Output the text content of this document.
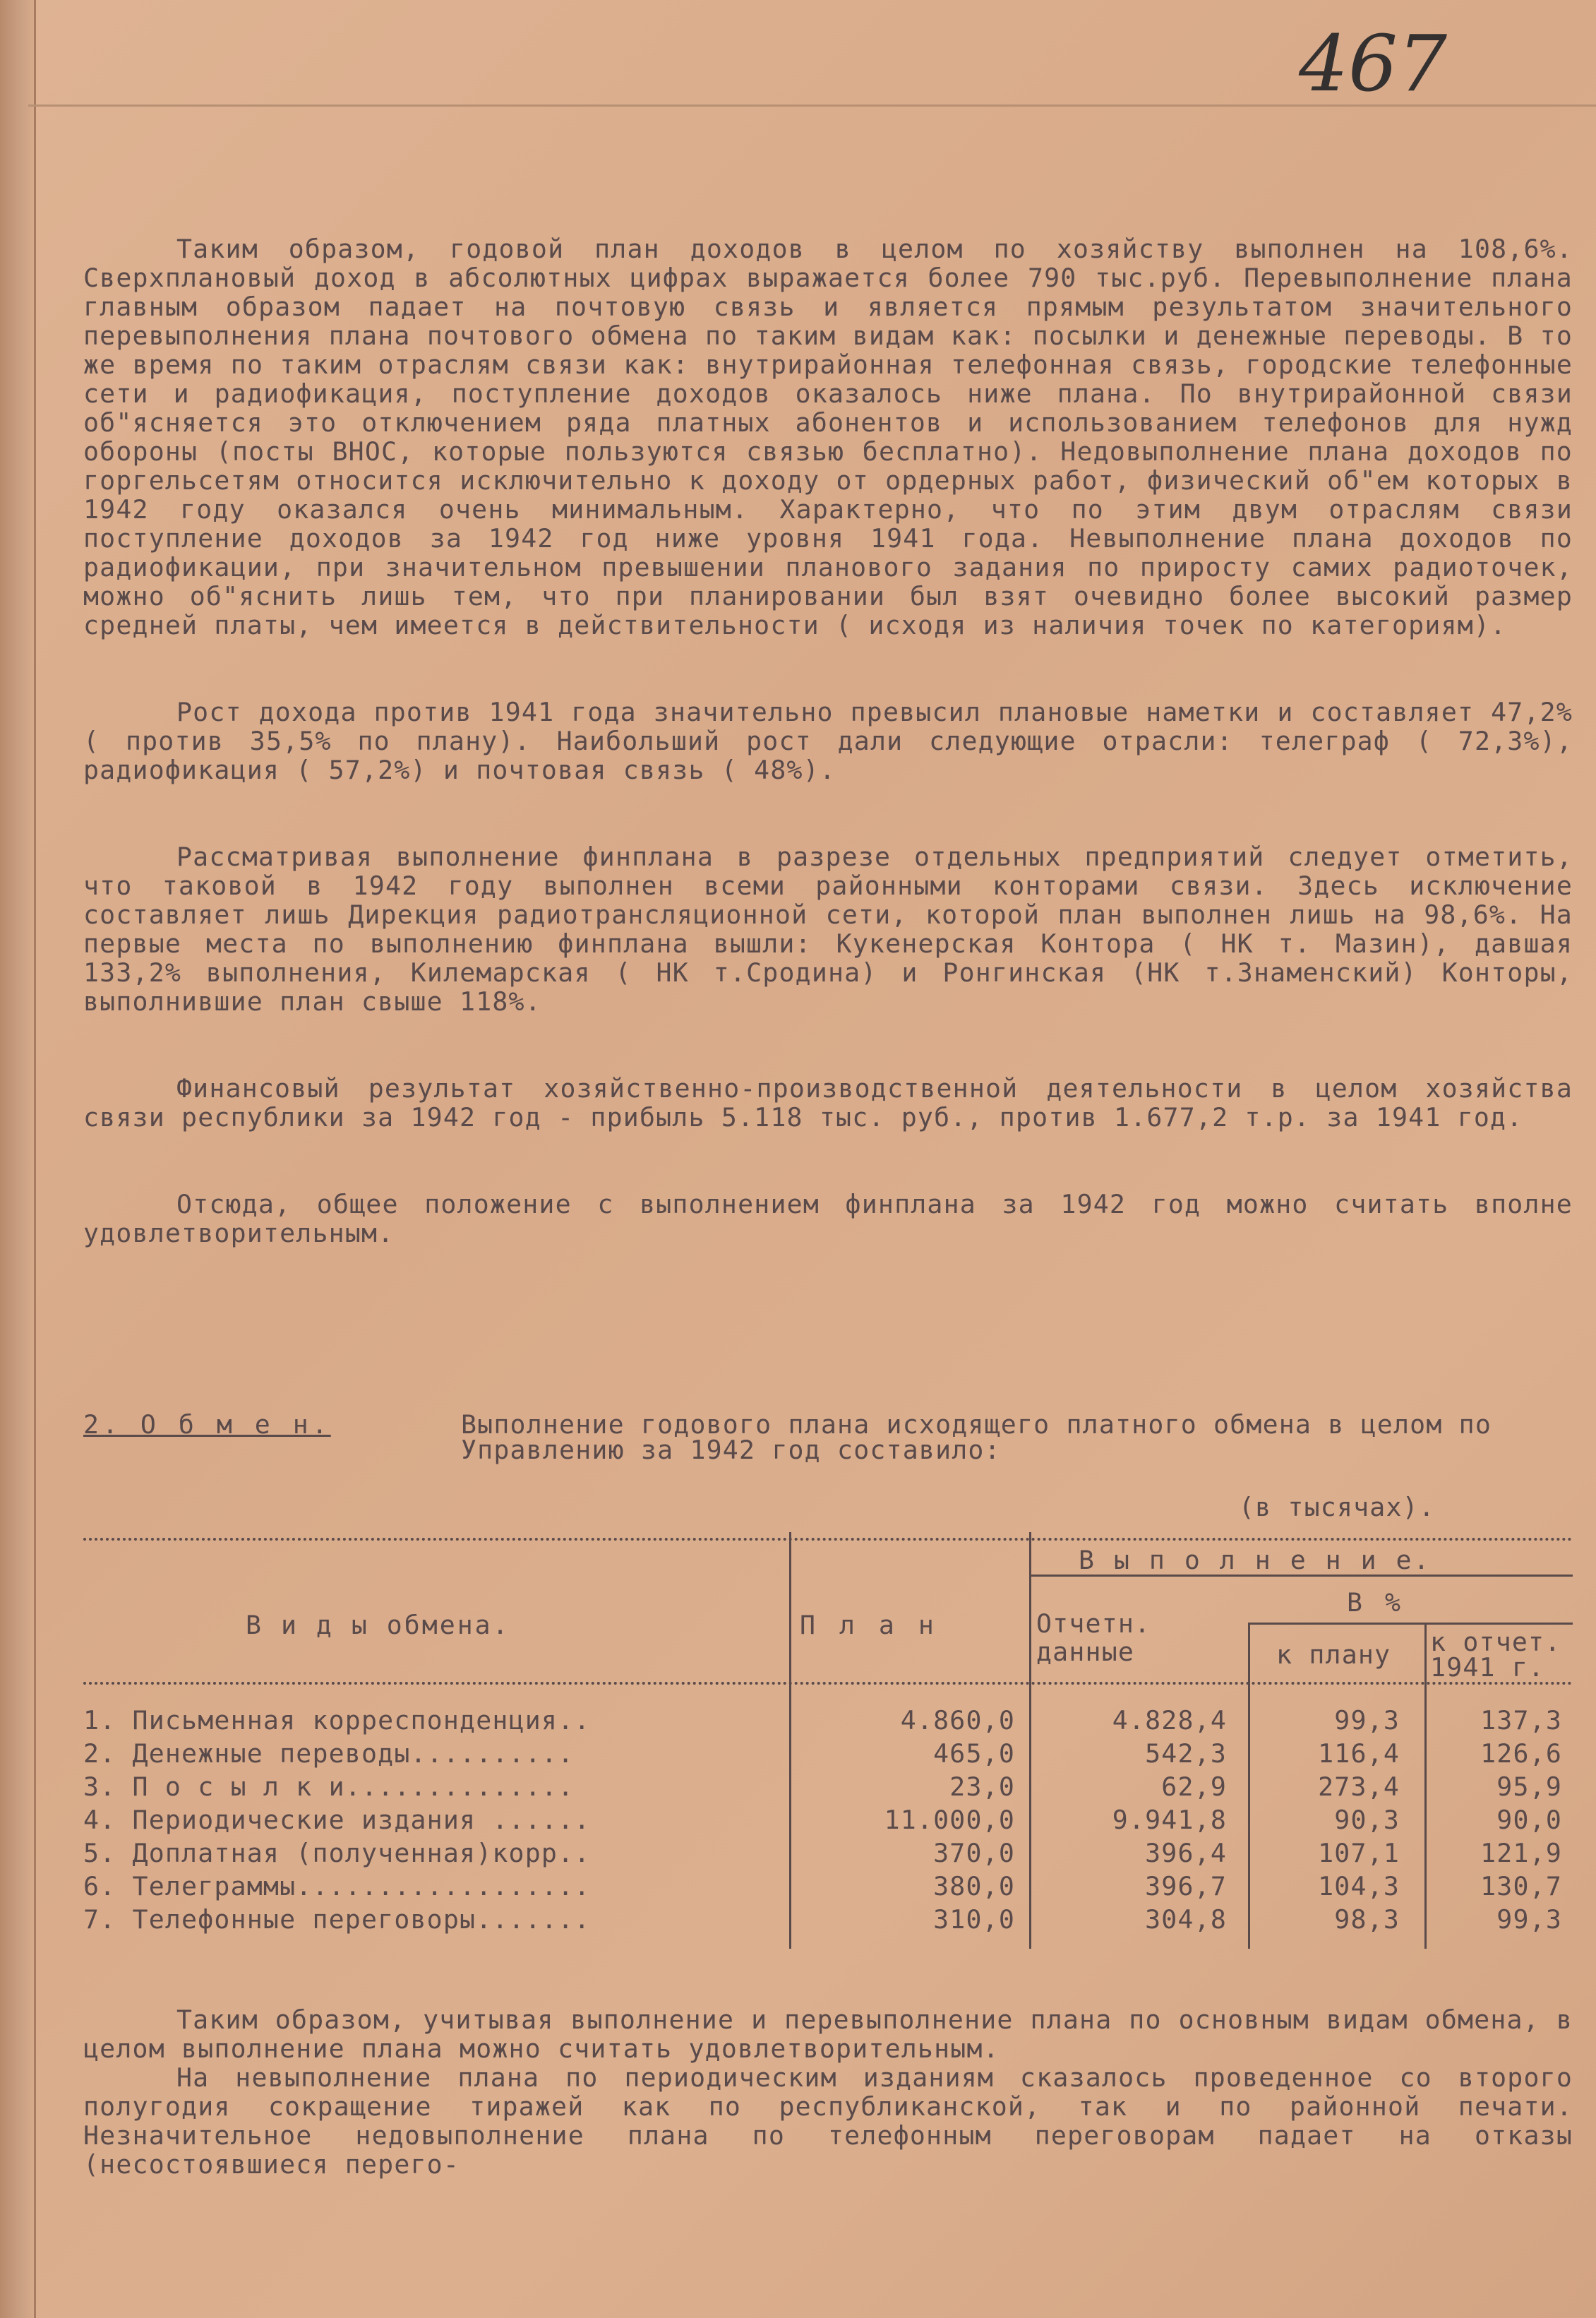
467

Таким образом, годовой план доходов в целом по хозяйству выполнен на 108,6%. Сверхплановый доход в абсолютных цифрах выражается более 790 тыс.руб. Перевыполнение плана главным образом падает на почтовую связь и является прямым результатом значительного перевыполнения плана почтового обмена по таким видам как: посылки и денежные переводы. В то же время по таким отраслям связи как: внутрирайонная телефонная связь, городские телефонные сети и радиофикация, поступление доходов оказалось ниже плана. По внутрирайонной связи об"ясняется это отключением ряда платных абонентов и использованием телефонов для нужд обороны (посты ВНОС, которые пользуются связью бесплатно). Недовыполнение плана доходов по горгельсетям относится исключительно к доходу от ордерных работ, физический об"ем которых в 1942 году оказался очень минимальным. Характерно, что по этим двум отраслям связи поступление доходов за 1942 год ниже уровня 1941 года. Невыполнение плана доходов по радиофикации, при значительном превышении планового задания по приросту самих радиоточек, можно об"яснить лишь тем, что при планировании был взят очевидно более высокий размер средней платы, чем имеется в действительности ( исходя из наличия точек по категориям).

Рост дохода против 1941 года значительно превысил плановые наметки и составляет 47,2% ( против 35,5% по плану). Наибольший рост дали следующие отрасли: телеграф ( 72,3%), радиофикация ( 57,2%) и почтовая связь ( 48%).

Рассматривая выполнение финплана в разрезе отдельных предприятий следует отметить, что таковой в 1942 году выполнен всеми районными конторами связи. Здесь исключение составляет лишь Дирекция радиотрансляционной сети, которой план выполнен лишь на 98,6%. На первые места по выполнению финплана вышли: Кукенерская Контора ( НК т. Мазин), давшая 133,2% выполнения, Килемарская ( НК т.Сродина) и Ронгинская (НК т.Знаменский) Конторы, выполнившие план свыше 118%.

Финансовый результат хозяйственно-производственной деятельности в целом хозяйства связи республики за 1942 год - прибыль 5.118 тыс. руб., против 1.677,2 т.р. за 1941 год.

Отсюда, общее положение с выполнением финплана за 1942 год можно считать вполне удовлетворительным.

2. О б м е н.	Выполнение годового плана исходящего платного обмена в целом по Управлению за 1942 год составило:
(в тысячах).
В и д ы обмена.	П л а н
В ы п о л н е н и е.
Отчетн. данные
В %
к плану к отчет. 1941 г.
1. Письменная корреспонденция..	4.860,0	4.828,4	99,3	137,3
2. Денежные переводы..........	465,0	542,3	116,4	126,6
3. П о с ы л к и..............	23,0	62,9	273,4	95,9
4. Периодические издания ......	11.000,0	9.941,8	90,3	90,0
5. Доплатная (полученная)корр..	370,0	396,4	107,1	121,9
6. Телеграммы..................	380,0	396,7	104,3	130,7
7. Телефонные переговоры.......	310,0	304,8	98,3	99,3

Таким образом, учитывая выполнение и перевыполнение плана по основным видам обмена, в целом выполнение плана можно считать удовлетворительным.

На невыполнение плана по периодическим изданиям сказалось проведенное со второго полугодия сокращение тиражей как по республиканской, так и по районной печати. Незначительное недовыполнение плана по телефонным переговорам падает на отказы (несостоявшиеся перего-
